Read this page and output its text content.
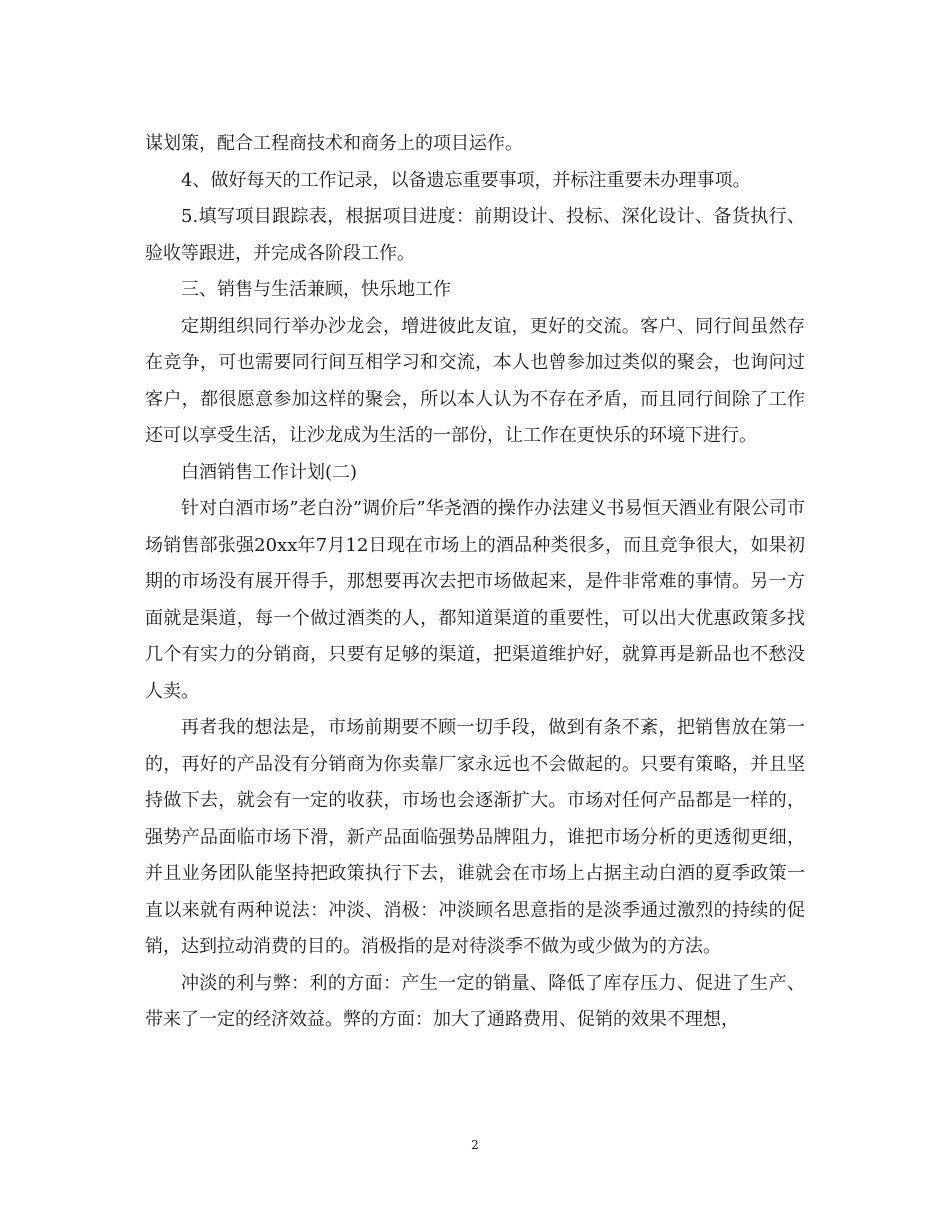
谋划策，配合工程商技术和商务上的项目运作。

4、做好每天的工作记录，以备遗忘重要事项，并标注重要未办理事项。

5.填写项目跟踪表，根据项目进度：前期设计、投标、深化设计、备货执行、验收等跟进，并完成各阶段工作。

三、销售与生活兼顾，快乐地工作

定期组织同行举办沙龙会，增进彼此友谊，更好的交流。客户、同行间虽然存在竞争，可也需要同行间互相学习和交流，本人也曾参加过类似的聚会，也询问过客户，都很愿意参加这样的聚会，所以本人认为不存在矛盾，而且同行间除了工作还可以享受生活，让沙龙成为生活的一部份，让工作在更快乐的环境下进行。

白酒销售工作计划(二)

针对白酒市场”老白汾”调价后”华尧酒的操作办法建义书易恒天酒业有限公司市场销售部张强20xx年7月12日现在市场上的酒品种类很多，而且竞争很大，如果初期的市场没有展开得手，那想要再次去把市场做起来，是件非常难的事情。另一方面就是渠道，每一个做过酒类的人，都知道渠道的重要性，可以出大优惠政策多找几个有实力的分销商，只要有足够的渠道，把渠道维护好，就算再是新品也不愁没人卖。

再者我的想法是，市场前期要不顾一切手段，做到有条不紊，把销售放在第一的，再好的产品没有分销商为你卖靠厂家永远也不会做起的。只要有策略，并且坚持做下去，就会有一定的收获，市场也会逐渐扩大。市场对任何产品都是一样的，强势产品面临市场下滑，新产品面临强势品牌阻力，谁把市场分析的更透彻更细，并且业务团队能坚持把政策执行下去，谁就会在市场上占据主动白酒的夏季政策一直以来就有两种说法：冲淡、消极：冲淡顾名思意指的是淡季通过激烈的持续的促销，达到拉动消费的目的。消极指的是对待淡季不做为或少做为的方法。

冲淡的利与弊：利的方面：产生一定的销量、降低了库存压力、促进了生产、带来了一定的经济效益。弊的方面：加大了通路费用、促销的效果不理想，

2
